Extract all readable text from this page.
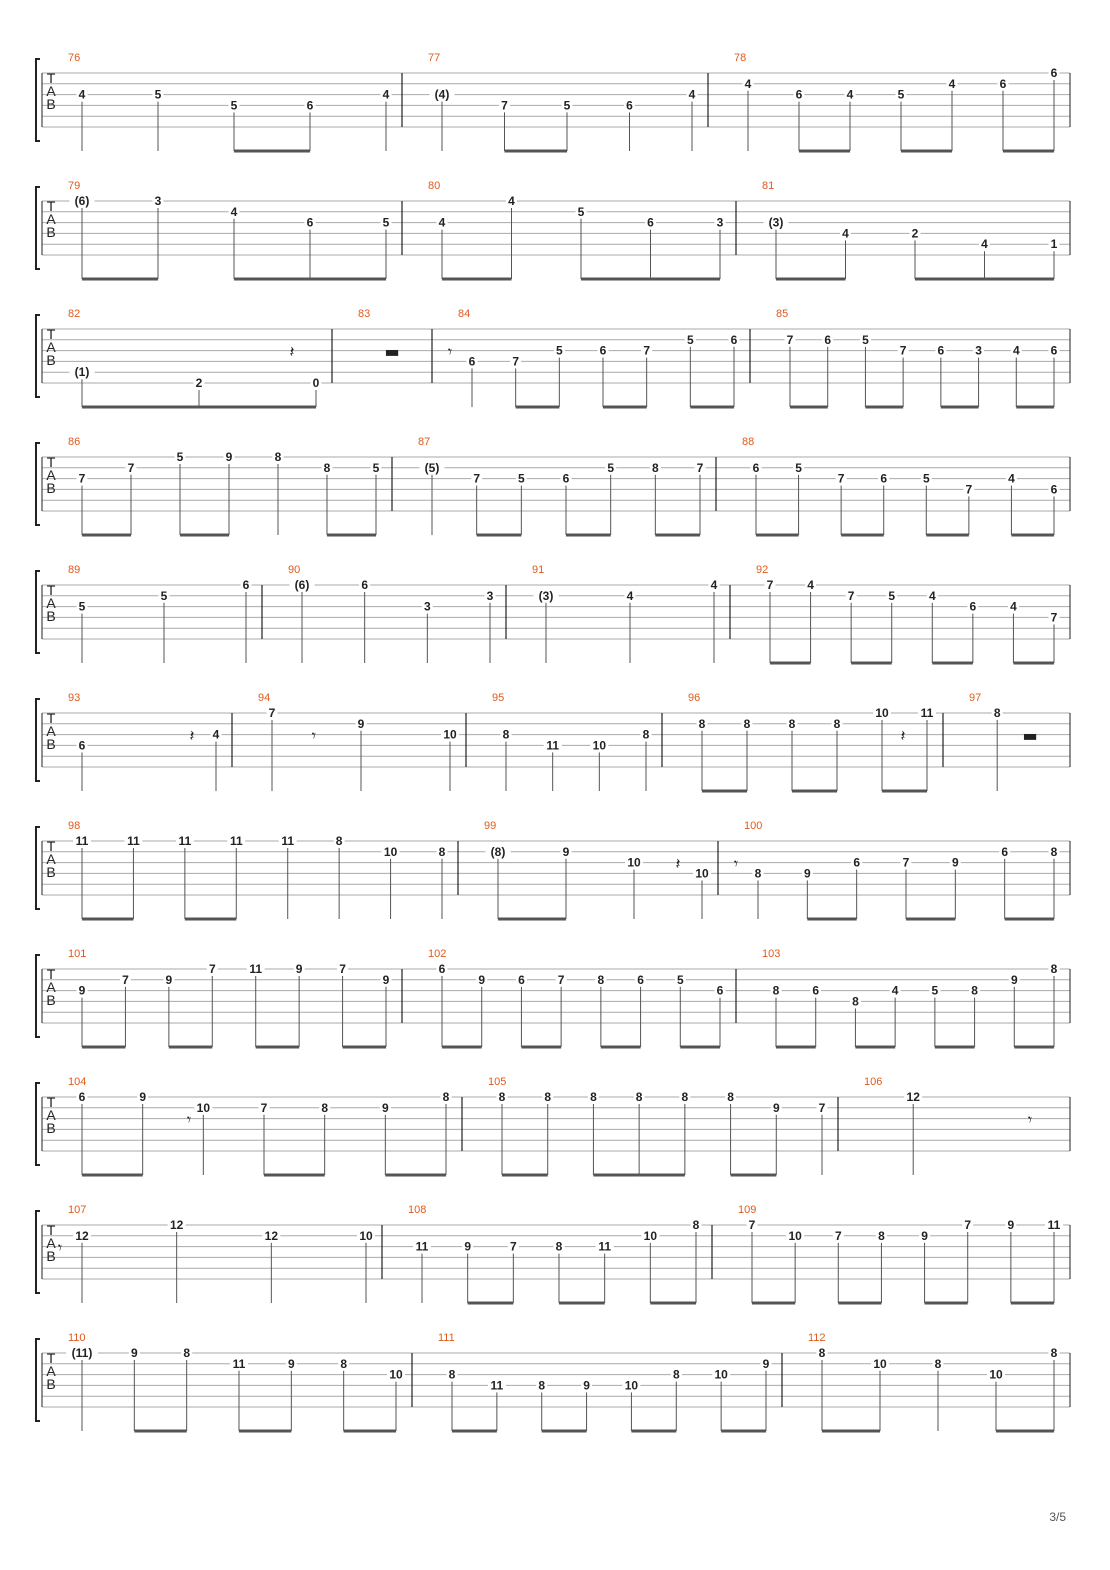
T
A
B
76
4	5
5	6
4
77
(4)
7	5	6
4
78
4
6	4	5
4	6
6
T
A
B
79
(6)	3
4
6	5
80
4
4
5
6	3
81
(3)
4	2
4	1
T
A
B
82
(1)
2	0
𝄽
83
▬
84
6	7
5	6	7
5	6
𝄾
85
7	6	5
7	6	3	4	6
T
A
B
86
7
7
5	9	8
8	5
87
(5)
7	5	6
5	8	7
88
6	5
7	6	5
7
4
6
T
A
B
89
5
5
6
90
(6)	6
3
3
91
(3)	4
4
92
7	4
7	5	4
6	4
7
T
A
B
93
6
4
𝄽
94
7
9
10
𝄾
95
8
11	10
8
96
8	8	8	8
10	11
𝄽
97
8
▬
T
A
B
98
11	11	11	11	11	8
10	8
99
(8)	9
10
10
𝄽
100
8	9
6	7	9
6	8
𝄾
T
A
B
101
9
7	9
7	11	9	7
9
102
6
9	6	7	8	6	5
6
103
8	6
8
4	5	8
9
8
T
A
B
104
6	9
10	7	8	9
8
𝄾
105
8	8	8	8	8	8
9	7
106
12
𝄾
T
A
B
107
12
12
12	10
𝄾
108
11	9	7	8	11
10
8
109
7
10	7	8	9
7	9	11
T
A
B
110
(11)	9	8
11	9	8
10
111
8
11	8	9	10
8	10
9
112
8
10	8
10
8
3/5
